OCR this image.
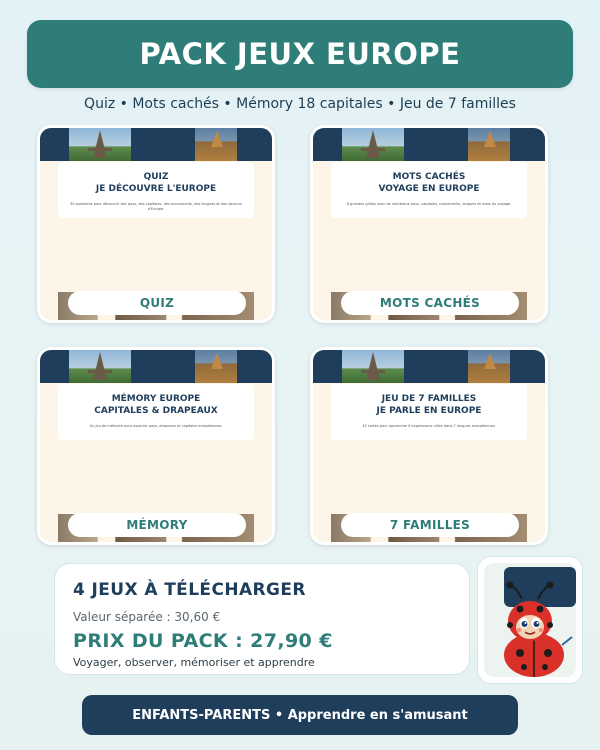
PACK JEUX EUROPE
Quiz • Mots cachés • Mémory 18 capitales • Jeu de 7 familles
QUIZ
JE DÉCOUVRE L'EUROPE
30 questions pour découvrir des pays, des capitales, des monuments, des langues et des saveurs d'Europe.
QUIZ
MOTS CACHÉS
VOYAGE EN EUROPE
6 grandes grilles avec de nombreux pays, capitales, monuments, langues et mots du voyage.
MOTS CACHÉS
MÉMORY EUROPE
CAPITALES & DRAPEAUX
Un jeu de mémoire pour associer pays, drapeaux et capitales européennes.
MÉMORY
JEU DE 7 FAMILLES
JE PARLE EN EUROPE
42 cartes pour apprendre 6 expressions utiles dans 7 langues européennes.
7 FAMILLES
4 JEUX À TÉLÉCHARGER
Valeur séparée : 30,60 €
PRIX DU PACK : 27,90 €
Voyager, observer, mémoriser et apprendre
ENFANTS-PARENTS • Apprendre en s'amusant
